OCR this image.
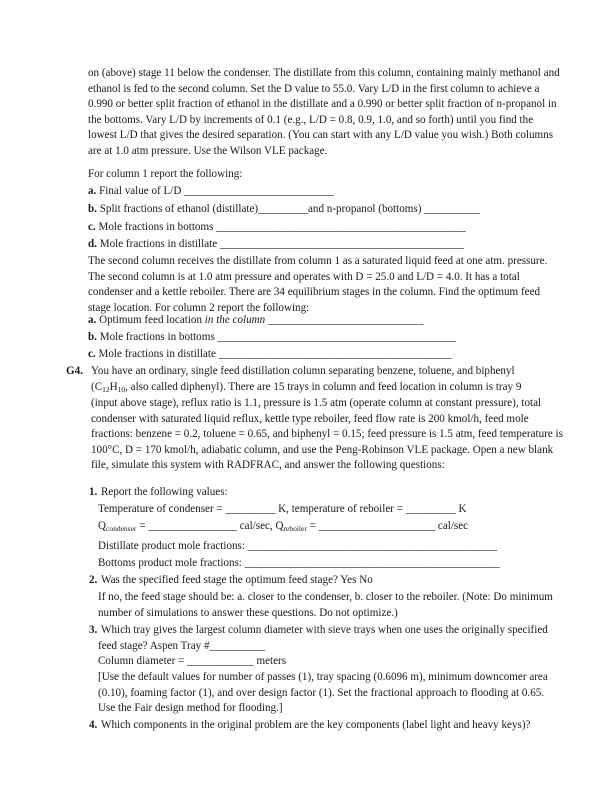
on (above) stage 11 below the condenser. The distillate from this column, containing mainly methanol and ethanol is fed to the second column. Set the D value to 55.0. Vary L/D in the first column to achieve a 0.990 or better split fraction of ethanol in the distillate and a 0.990 or better split fraction of n-propanol in the bottoms. Vary L/D by increments of 0.1 (e.g., L/D = 0.8, 0.9, 1.0, and so forth) until you find the lowest L/D that gives the desired separation. (You can start with any L/D value you wish.) Both columns are at 1.0 atm pressure. Use the Wilson VLE package.

For column 1 report the following:

a. Final value of L/D ___________________________

b. Split fractions of ethanol (distillate)_________and n-propanol (bottoms) __________

c. Mole fractions in bottoms _____________________________________________

d. Mole fractions in distillate ____________________________________________

The second column receives the distillate from column 1 as a saturated liquid feed at one atm. pressure. The second column is at 1.0 atm pressure and operates with D = 25.0 and L/D = 4.0. It has a total condenser and a kettle reboiler. There are 34 equilibrium stages in the column. Find the optimum feed stage location. For column 2 report the following:

a. Optimum feed location in the column ____________________________

b. Mole fractions in bottoms ___________________________________________

c. Mole fractions in distillate __________________________________________

G4. You have an ordinary, single feed distillation column separating benzene, toluene, and biphenyl

($C_{12}H_{10}$, also called diphenyl). There are 15 trays in column and feed location in column is tray 9

(input above stage), reflux ratio is 1.1, pressure is 1.5 atm (operate column at constant pressure), total condenser with saturated liquid reflux, kettle type reboiler, feed flow rate is 200 kmol/h, feed mole fractions: benzene = 0.2, toluene = 0.65, and biphenyl = 0.15; feed pressure is 1.5 atm, feed temperature is 100°C, D = 170 kmol/h, adiabatic column, and use the Peng-Robinson VLE package. Open a new blank file, simulate this system with RADFRAC, and answer the following questions:

1. Report the following values:

Temperature of condenser = _________ K, temperature of reboiler = _________ K

$Q_{condenser}$ = ________________ cal/sec, $Q_{reboiler}$ = _____________________ cal/sec

Distillate product mole fractions: _____________________________________________

Bottoms product mole fractions: ______________________________________________

2. Was the specified feed stage the optimum feed stage? Yes No

If no, the feed stage should be: a. closer to the condenser, b. closer to the reboiler. (Note: Do minimum number of simulations to answer these questions. Do not optimize.)

3. Which tray gives the largest column diameter with sieve trays when one uses the originally specified feed stage? Aspen Tray #__________

Column diameter = ____________ meters

[Use the default values for number of passes (1), tray spacing (0.6096 m), minimum downcomer area (0.10), foaming factor (1), and over design factor (1). Set the fractional approach to flooding at 0.65. Use the Fair design method for flooding.]

4. Which components in the original problem are the key components (label light and heavy keys)?
